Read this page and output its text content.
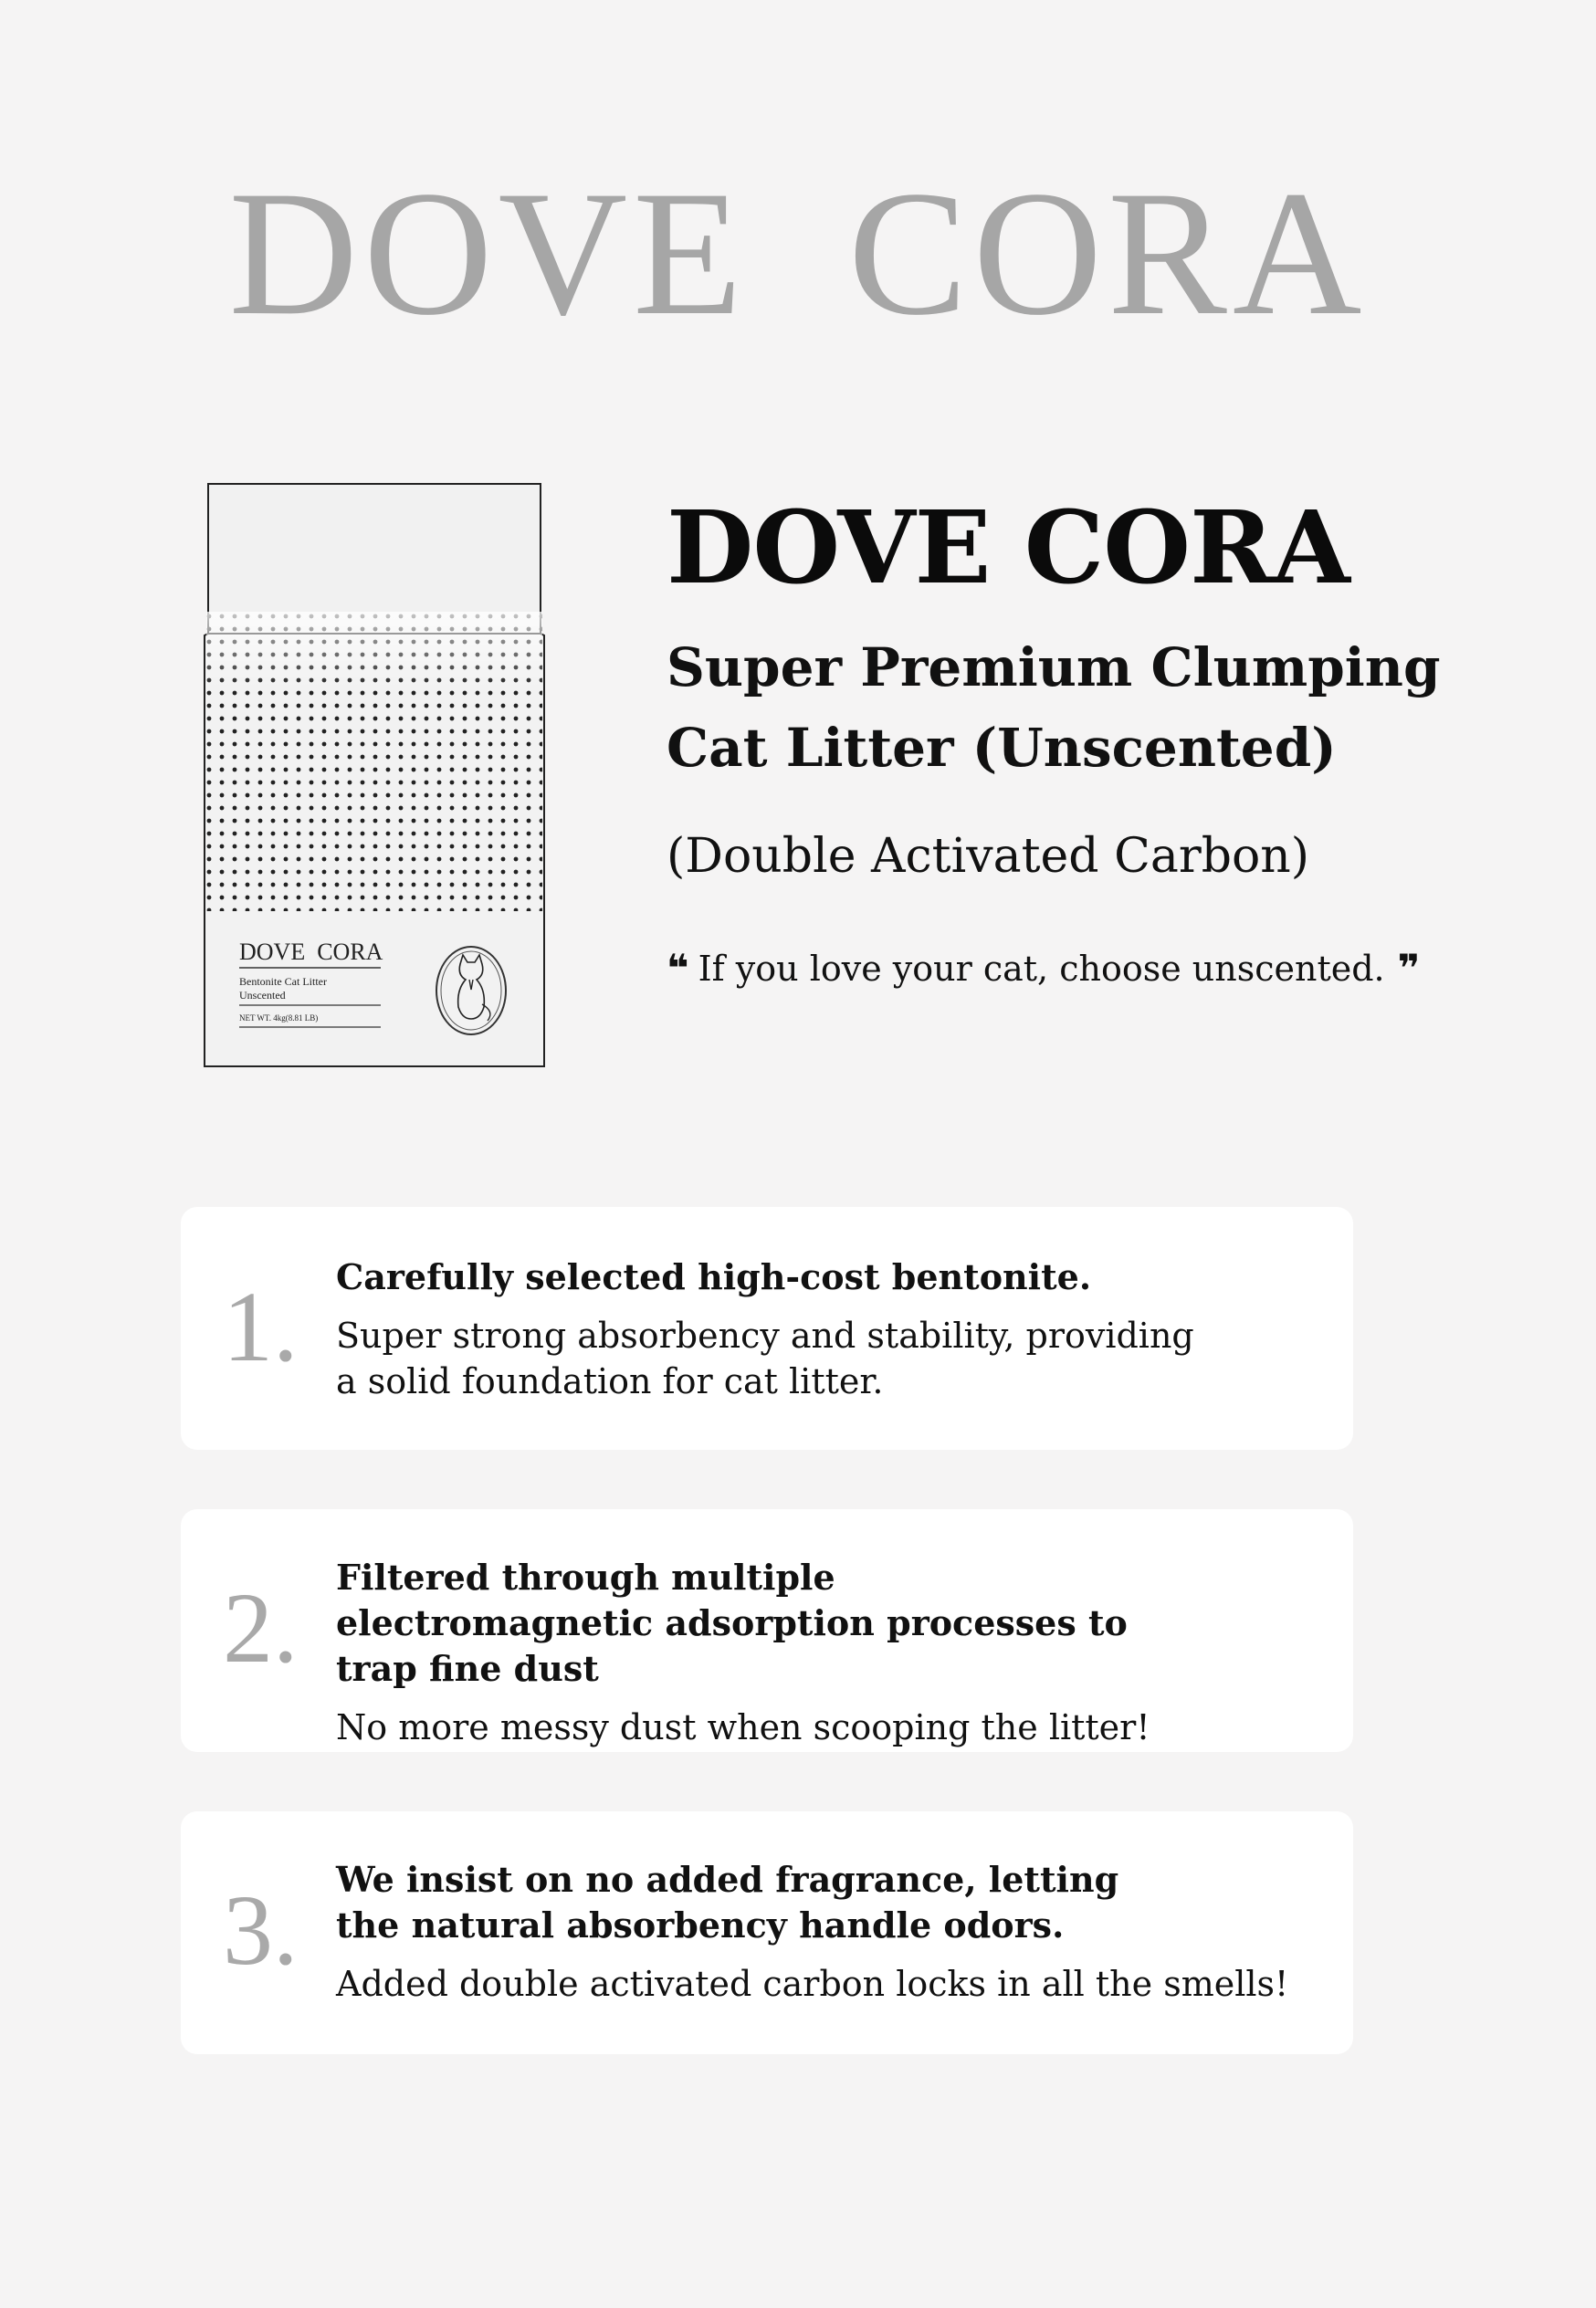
DOVE  CORA
DOVE  CORA
Bentonite Cat Litter
Unscented
NET WT. 4kg(8.81 LB)
DOVE CORA
Super Premium Clumping
Cat Litter (Unscented)
(Double Activated Carbon)
❝ If you love your cat, choose unscented. ❞
1. Carefully selected high-cost bentonite.
Super strong absorbency and stability, providing a solid foundation for cat litter.
2. Filtered through multiple electromagnetic adsorption processes to trap fine dust
No more messy dust when scooping the litter!
3. We insist on no added fragrance, letting the natural absorbency handle odors.
Added double activated carbon locks in all the smells!
